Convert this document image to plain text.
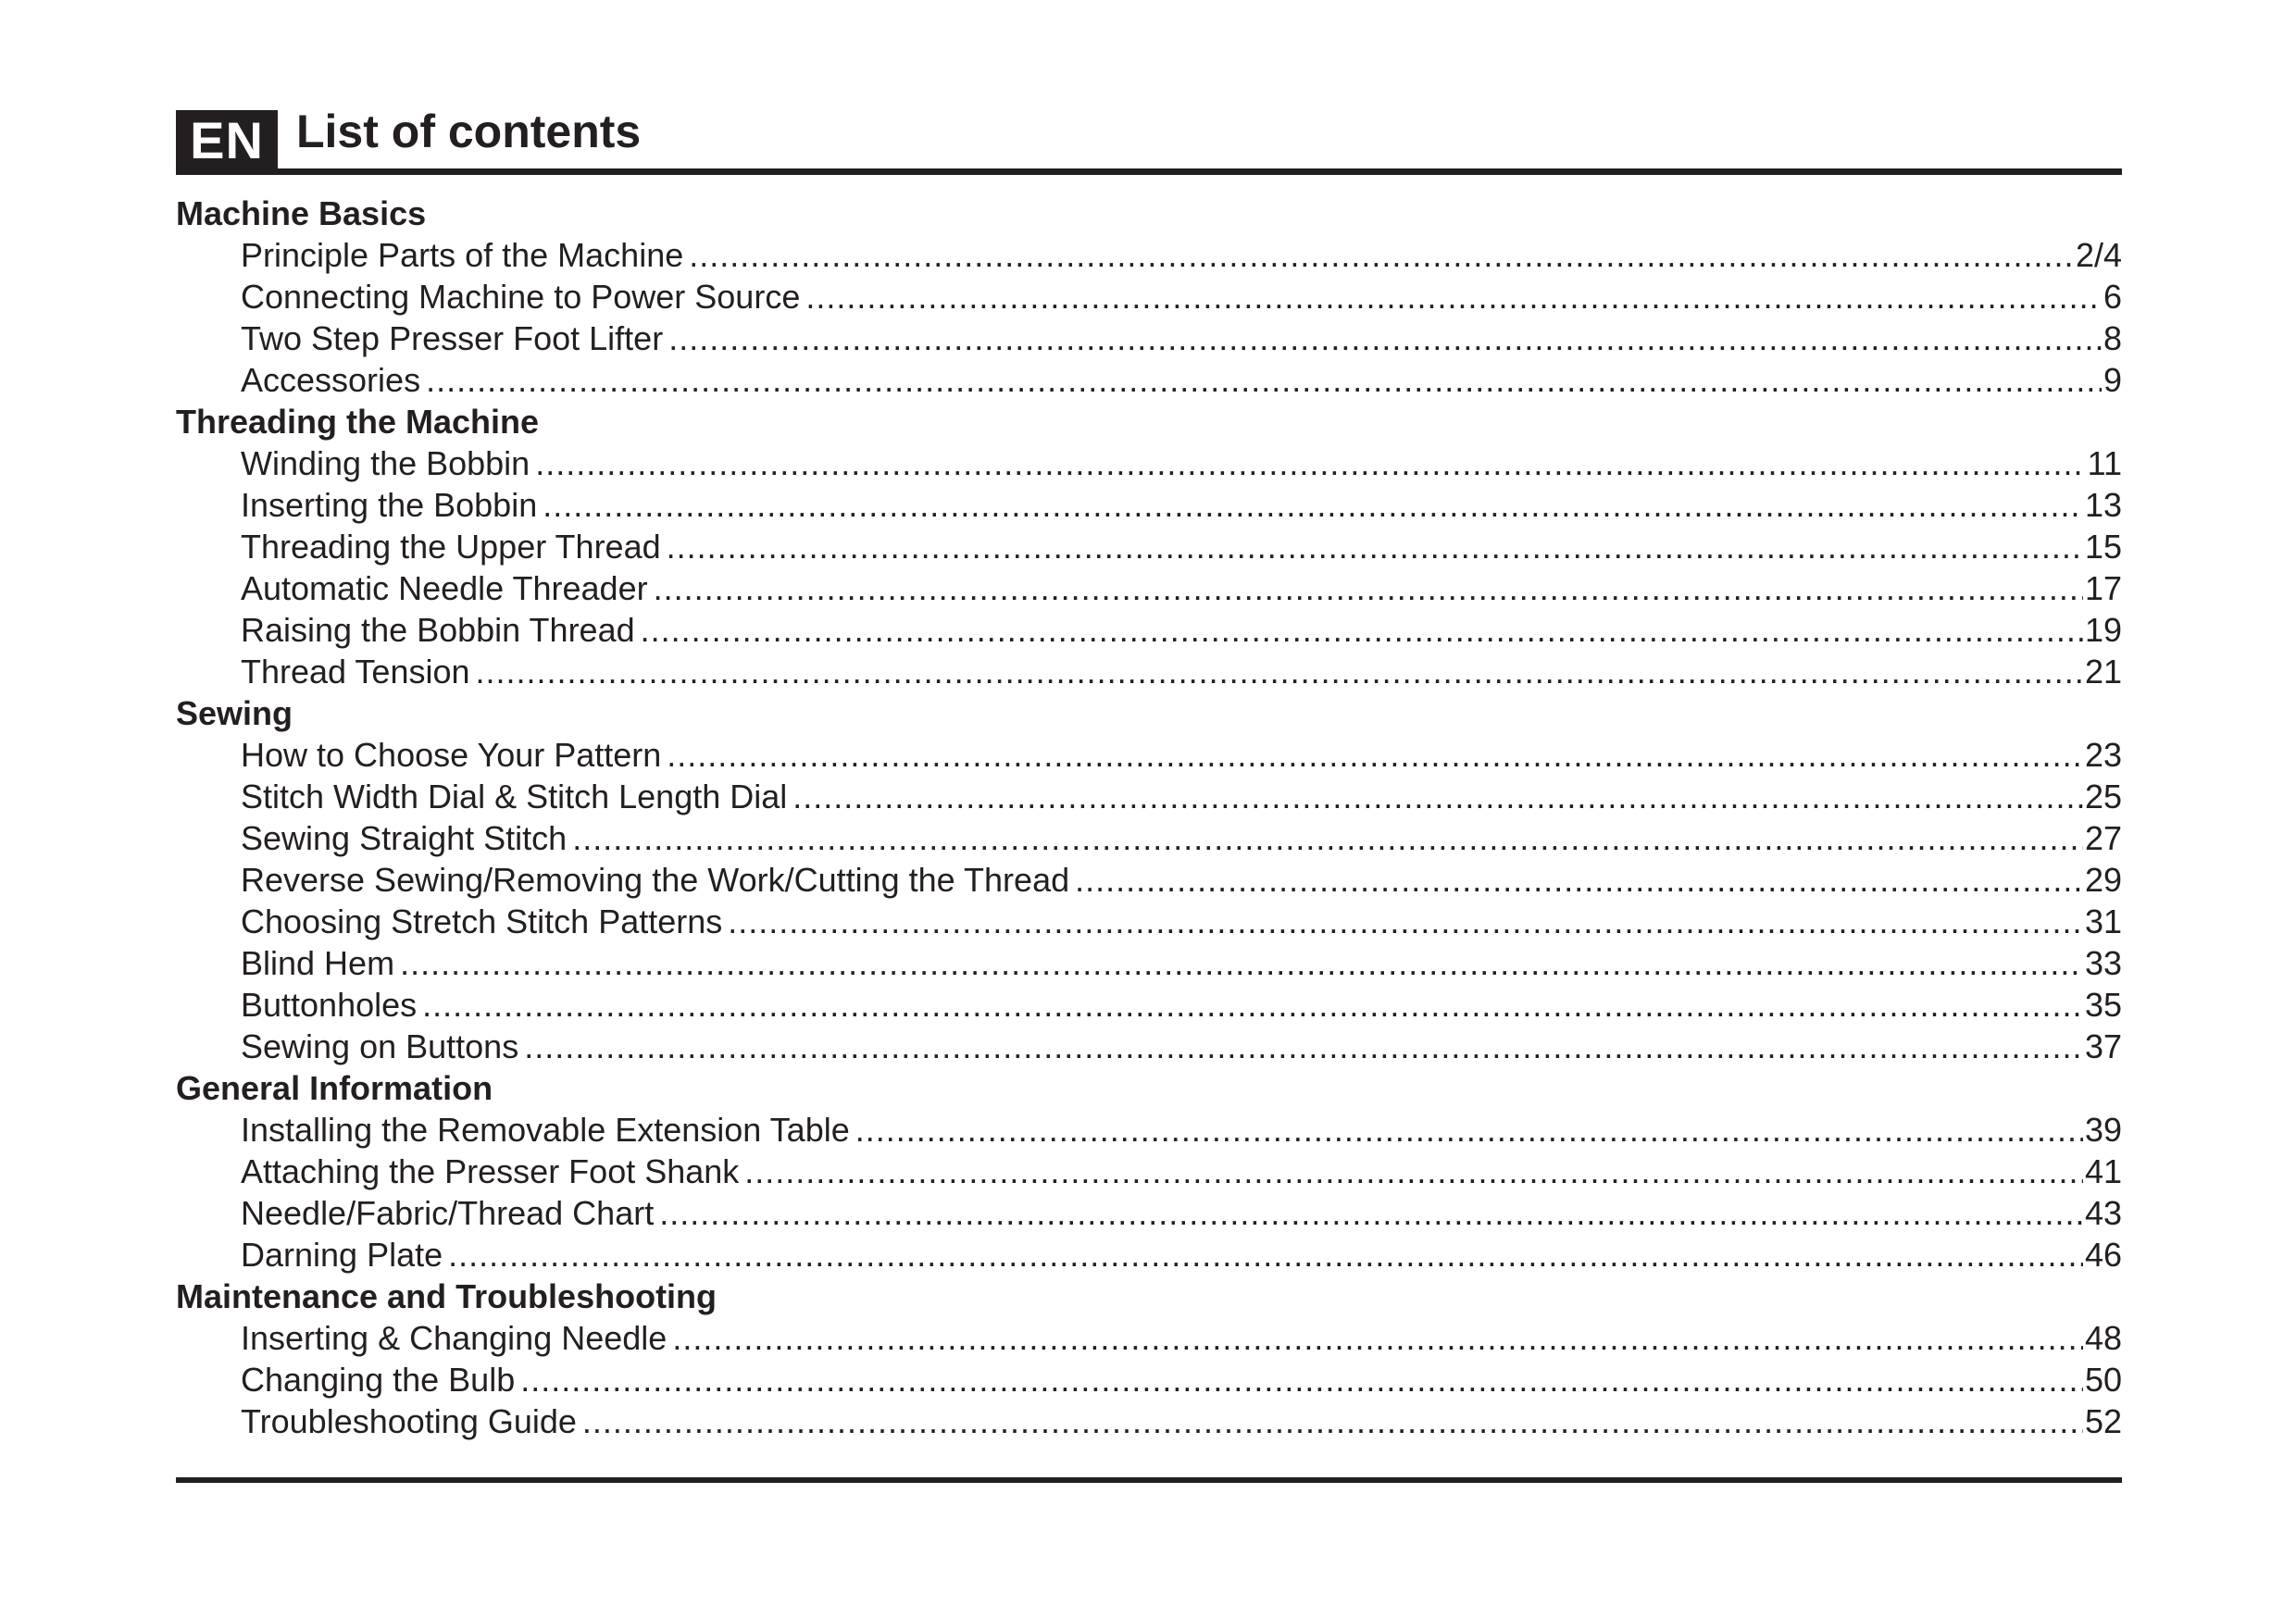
EN List of contents
Machine Basics
Principle Parts of the Machine .....	2/4
Connecting Machine to Power Source .....	6
Two Step Presser Foot Lifter .....	8
Accessories .....	9
Threading the Machine
Winding the Bobbin .....	11
Inserting the Bobbin .....	13
Threading the Upper Thread .....	15
Automatic Needle Threader .....	17
Raising the Bobbin Thread .....	19
Thread Tension .....	21
Sewing
How to Choose Your Pattern .....	23
Stitch Width Dial & Stitch Length Dial .....	25
Sewing Straight Stitch .....	27
Reverse Sewing/Removing the Work/Cutting the Thread .....	29
Choosing Stretch Stitch Patterns .....	31
Blind Hem .....	33
Buttonholes .....	35
Sewing on Buttons .....	37
General Information
Installing the Removable Extension Table .....	39
Attaching the Presser Foot Shank .....	41
Needle/Fabric/Thread Chart .....	43
Darning Plate .....	46
Maintenance and Troubleshooting
Inserting & Changing Needle .....	48
Changing the Bulb .....	50
Troubleshooting Guide .....	52
